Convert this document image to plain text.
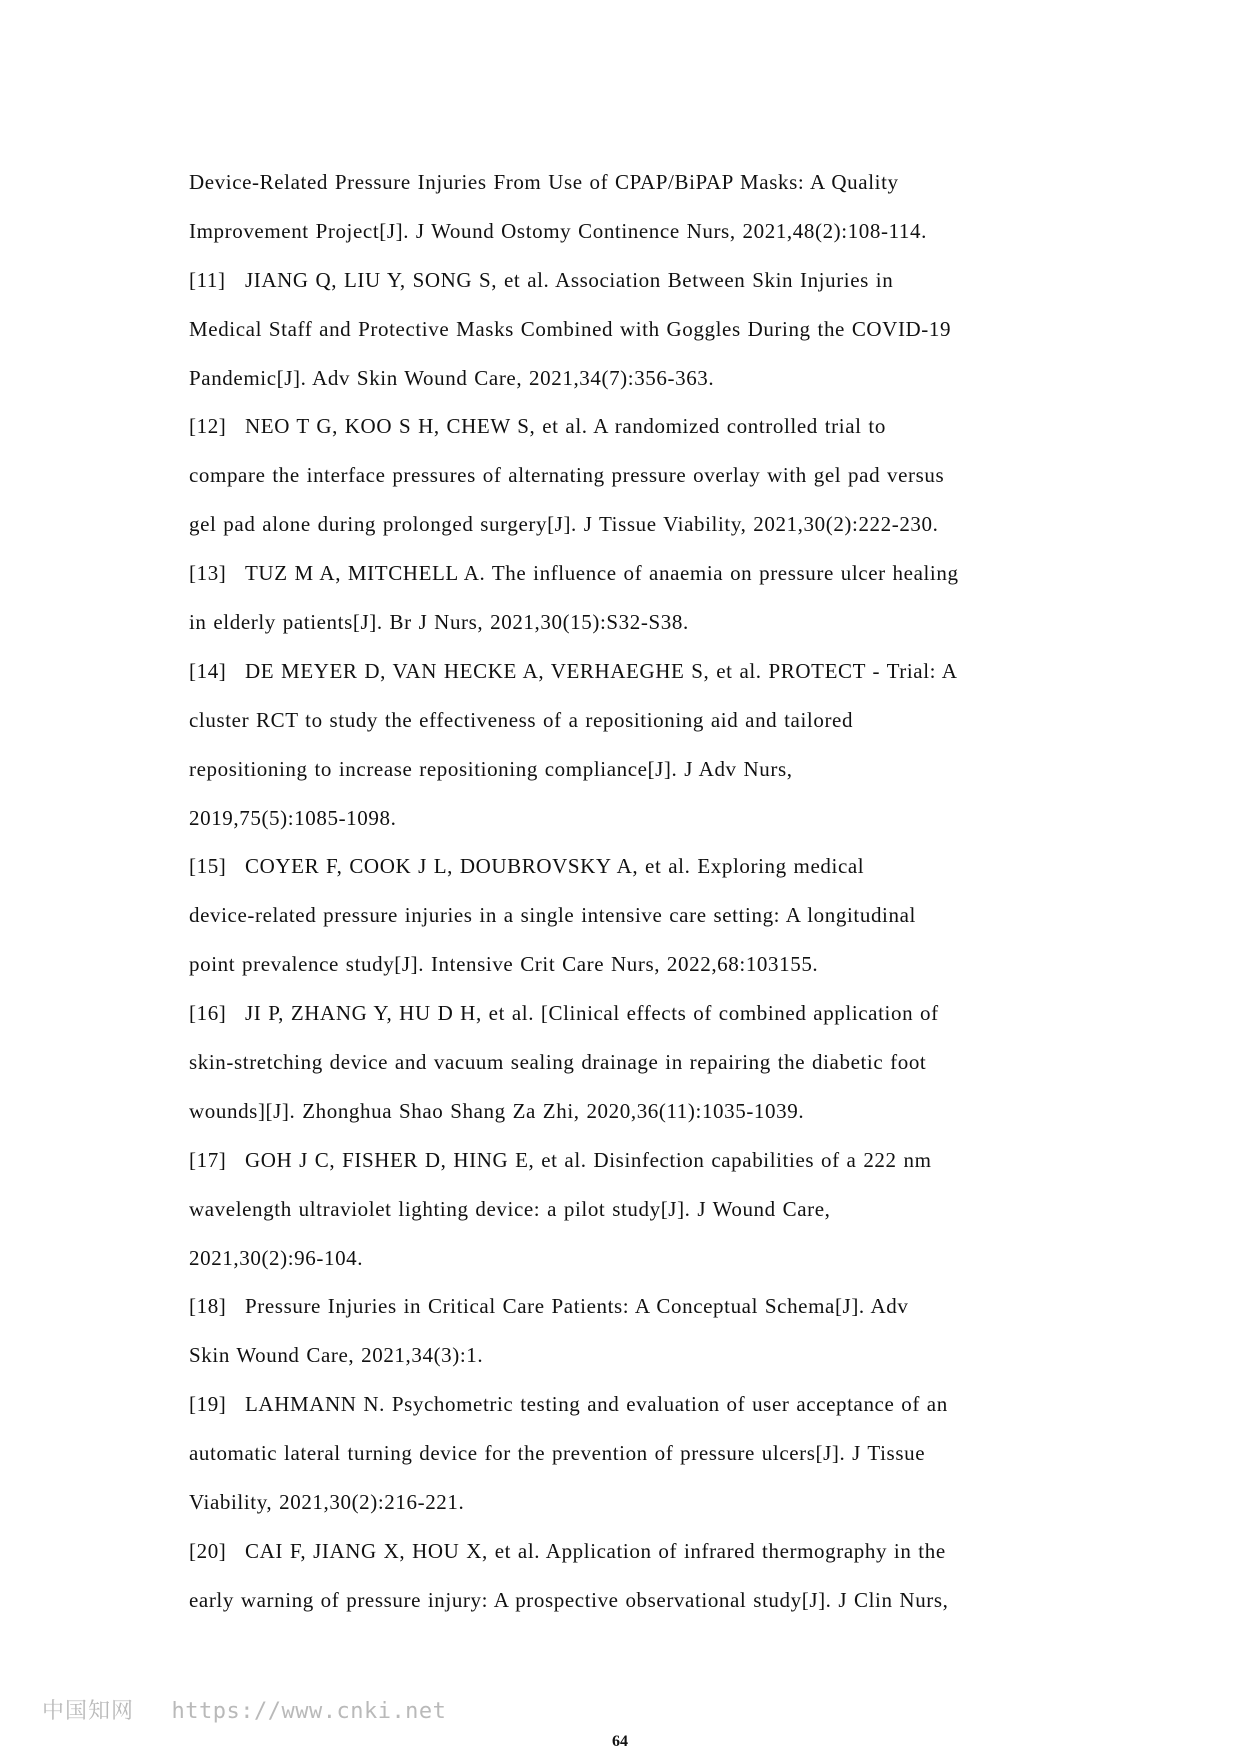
Device-Related Pressure Injuries From Use of CPAP/BiPAP Masks: A Quality
Improvement Project[J]. J Wound Ostomy Continence Nurs, 2021,48(2):108-114.
[11] JIANG Q, LIU Y, SONG S, et al. Association Between Skin Injuries in
Medical Staff and Protective Masks Combined with Goggles During the COVID-19
Pandemic[J]. Adv Skin Wound Care, 2021,34(7):356-363.
[12] NEO T G, KOO S H, CHEW S, et al. A randomized controlled trial to
compare the interface pressures of alternating pressure overlay with gel pad versus
gel pad alone during prolonged surgery[J]. J Tissue Viability, 2021,30(2):222-230.
[13] TUZ M A, MITCHELL A. The influence of anaemia on pressure ulcer healing
in elderly patients[J]. Br J Nurs, 2021,30(15):S32-S38.
[14] DE MEYER D, VAN HECKE A, VERHAEGHE S, et al. PROTECT - Trial: A
cluster RCT to study the effectiveness of a repositioning aid and tailored
repositioning to increase repositioning compliance[J]. J Adv Nurs,
2019,75(5):1085-1098.
[15] COYER F, COOK J L, DOUBROVSKY A, et al. Exploring medical
device-related pressure injuries in a single intensive care setting: A longitudinal
point prevalence study[J]. Intensive Crit Care Nurs, 2022,68:103155.
[16] JI P, ZHANG Y, HU D H, et al. [Clinical effects of combined application of
skin-stretching device and vacuum sealing drainage in repairing the diabetic foot
wounds][J]. Zhonghua Shao Shang Za Zhi, 2020,36(11):1035-1039.
[17] GOH J C, FISHER D, HING E, et al. Disinfection capabilities of a 222 nm
wavelength ultraviolet lighting device: a pilot study[J]. J Wound Care,
2021,30(2):96-104.
[18] Pressure Injuries in Critical Care Patients: A Conceptual Schema[J]. Adv
Skin Wound Care, 2021,34(3):1.
[19] LAHMANN N. Psychometric testing and evaluation of user acceptance of an
automatic lateral turning device for the prevention of pressure ulcers[J]. J Tissue
Viability, 2021,30(2):216-221.
[20] CAI F, JIANG X, HOU X, et al. Application of infrared thermography in the
early warning of pressure injury: A prospective observational study[J]. J Clin Nurs,
中国知网 https://www.cnki.net
64
